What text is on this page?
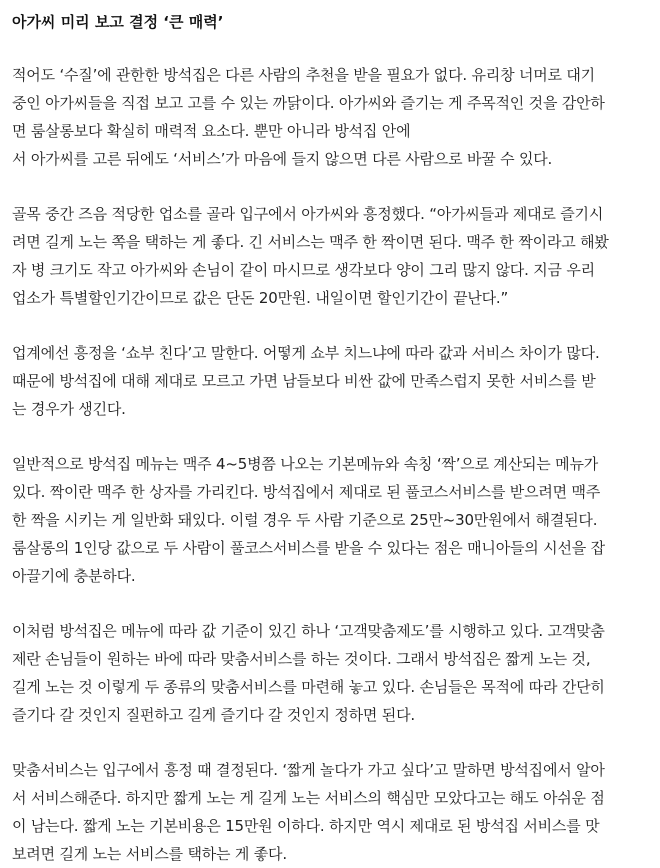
아가씨 미리 보고 결정 ‘큰 매력’
적어도 ‘수질’에 관한한 방석집은 다른 사람의 추천을 받을 필요가 없다. 유리창 너머로 대기
중인 아가씨들을 직접 보고 고를 수 있는 까닭이다. 아가씨와 즐기는 게 주목적인 것을 감안하
면 룸살롱보다 확실히 매력적 요소다. 뿐만 아니라 방석집 안에
서 아가씨를 고른 뒤에도 ‘서비스’가 마음에 들지 않으면 다른 사람으로 바꿀 수 있다.
골목 중간 즈음 적당한 업소를 골라 입구에서 아가씨와 흥정했다. “아가씨들과 제대로 즐기시
려면 길게 노는 쪽을 택하는 게 좋다. 긴 서비스는 맥주 한 짝이면 된다. 맥주 한 짝이라고 해봤
자 병 크기도 작고 아가씨와 손님이 같이 마시므로 생각보다 양이 그리 많지 않다. 지금 우리
업소가 특별할인기간이므로 값은 단돈 20만원. 내일이면 할인기간이 끝난다.”
업계에선 흥정을 ‘쇼부 친다’고 말한다. 어떻게 쇼부 치느냐에 따라 값과 서비스 차이가 많다.
때문에 방석집에 대해 제대로 모르고 가면 남들보다 비싼 값에 만족스럽지 못한 서비스를 받
는 경우가 생긴다.
일반적으로 방석집 메뉴는 맥주 4~5병쯤 나오는 기본메뉴와 속칭 ‘짝’으로 계산되는 메뉴가
있다. 짝이란 맥주 한 상자를 가리킨다. 방석집에서 제대로 된 풀코스서비스를 받으려면 맥주
한 짝을 시키는 게 일반화 돼있다. 이럴 경우 두 사람 기준으로 25만~30만원에서 해결된다.
룸살롱의 1인당 값으로 두 사람이 풀코스서비스를 받을 수 있다는 점은 매니아들의 시선을 잡
아끌기에 충분하다.
이처럼 방석집은 메뉴에 따라 값 기준이 있긴 하나 ‘고객맞춤제도’를 시행하고 있다. 고객맞춤
제란 손님들이 원하는 바에 따라 맞춤서비스를 하는 것이다. 그래서 방석집은 짧게 노는 것,
길게 노는 것 이렇게 두 종류의 맞춤서비스를 마련해 놓고 있다. 손님들은 목적에 따라 간단히
즐기다 갈 것인지 질펀하고 길게 즐기다 갈 것인지 정하면 된다.
맞춤서비스는 입구에서 흥정 때 결정된다. ‘짧게 놀다가 가고 싶다’고 말하면 방석집에서 알아
서 서비스해준다. 하지만 짧게 노는 게 길게 노는 서비스의 핵심만 모았다고는 해도 아쉬운 점
이 남는다. 짧게 노는 기본비용은 15만원 이하다. 하지만 역시 제대로 된 방석집 서비스를 맛
보려면 길게 노는 서비스를 택하는 게 좋다.
